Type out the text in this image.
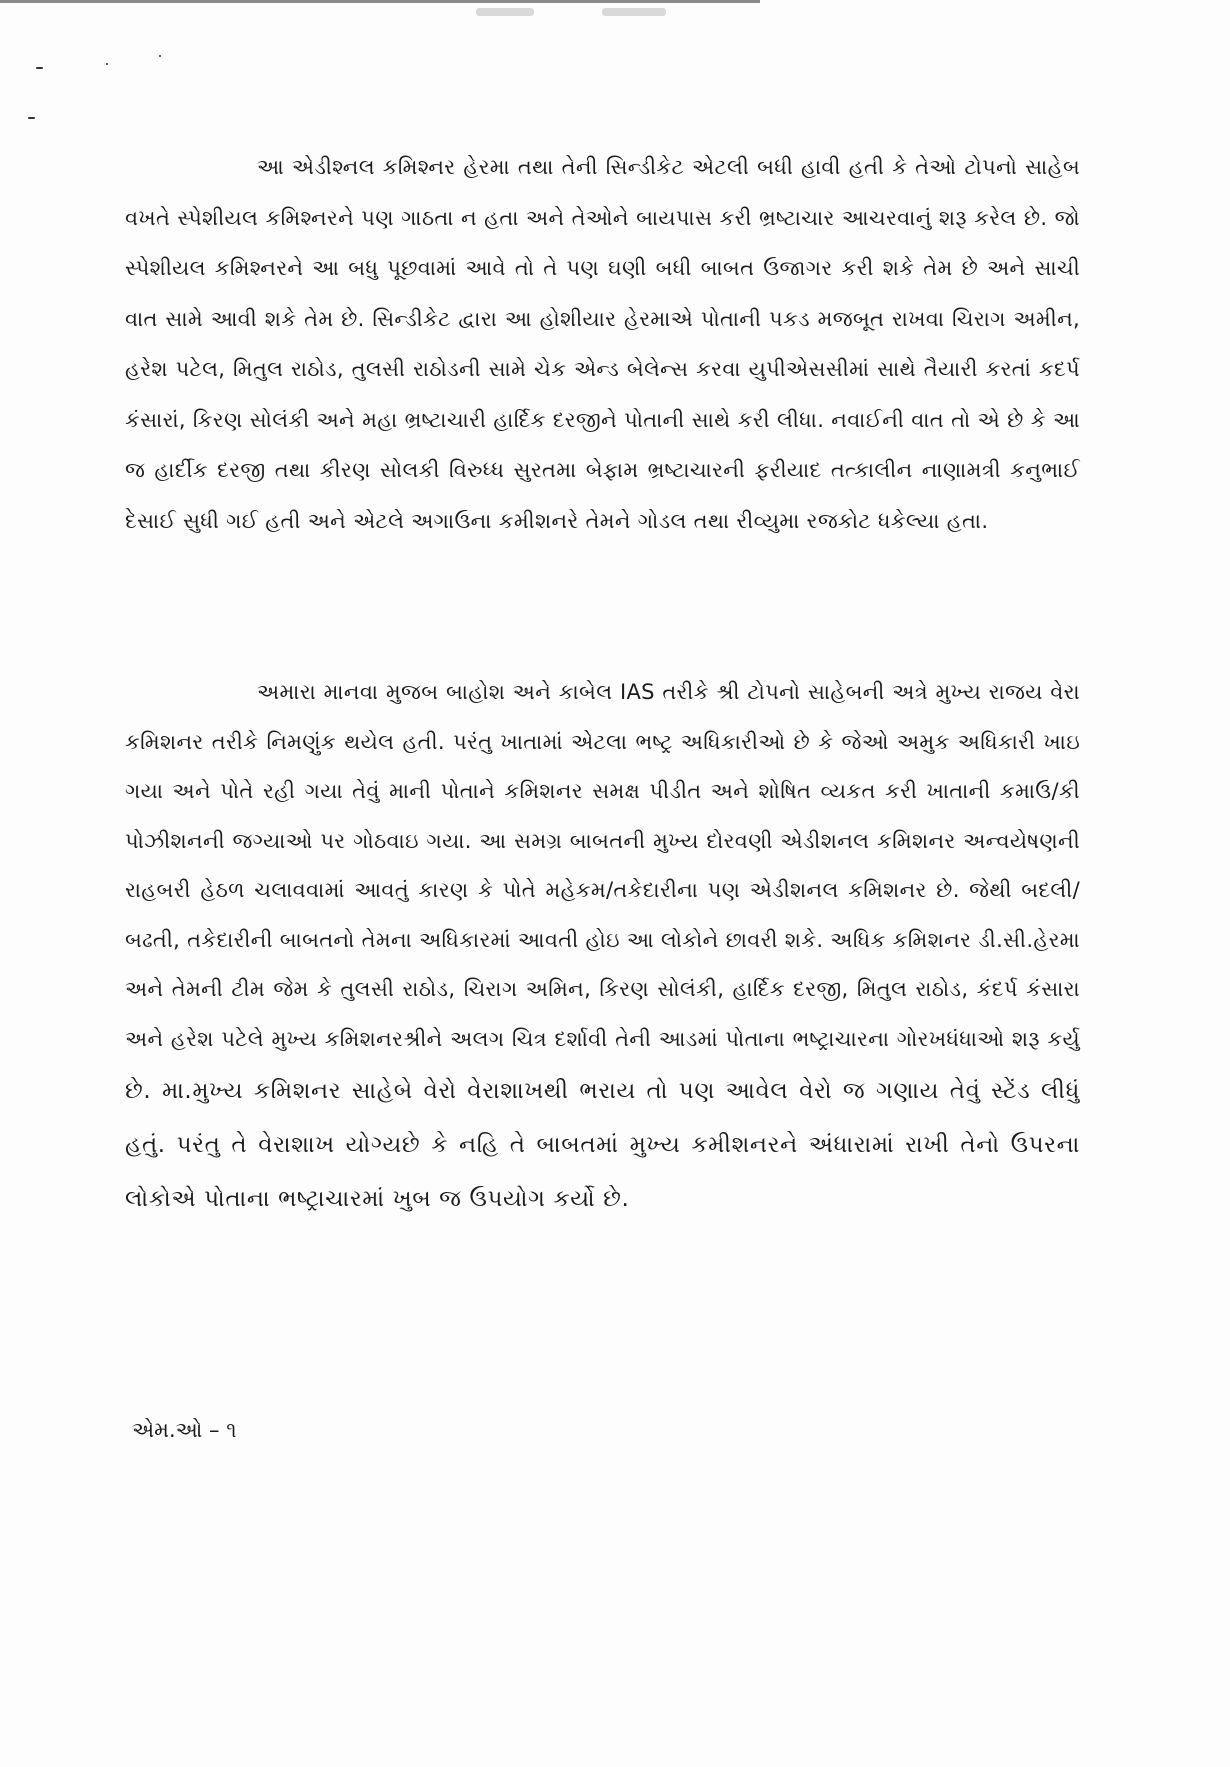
આ એડીશ્નલ કમિશ્નર હેરમા તથા તેની સિન્ડીકેટ એટલી બધી હાવી હતી કે તેઓ ટોપનો સાહેબ વખતે સ્પેશીયલ કમિશ્નરને પણ ગાઠતા ન હતા અને તેઓને બાયપાસ કરી ભ્રષ્ટાચાર આચરવાનું શરૂ કરેલ છે. જો સ્પેશીયલ કમિશ્નરને આ બધુ પૂછવામાં આવે તો તે પણ ઘણી બધી બાબત ઉજાગર કરી શકે તેમ છે અને સાચી વાત સામે આવી શકે તેમ છે. સિન્ડીકેટ દ્વારા આ હોશીયાર હેરમાએ પોતાની પકડ મજબૂત રાખવા ચિરાગ અમીન, હરેશ પટેલ, મિતુલ રાઠોડ, તુલસી રાઠોડની સામે ચેક એન્ડ બેલેન્સ કરવા યુપીએસસીમાં સાથે તૈયારી કરતાં કદર્પ કંસારાં, કિરણ સોલંકી અને મહા ભ્રષ્ટાચારી હાર્દિક દરજીને પોતાની સાથે કરી લીધા. નવાઈની વાત તો એ છે કે આ જ હાર્દીક દરજી તથા કીરણ સોલકી વિરુધ્ધ સુરતમા બેફામ ભ્રષ્ટાચારની ફરીયાદ તત્કાલીન નાણામત્રી કનુભાઈ દેસાઈ સુધી ગઈ હતી અને એટલે અગાઉના કમીશનરે તેમને ગોડલ તથા રીવ્યુમા રજકોટ ધકેલ્યા હતા.

અમારા માનવા મુજબ બાહોશ અને કાબેલ IAS તરીકે શ્રી ટોપનો સાહેબની અત્રે મુખ્ય રાજય વેરા કમિશનર તરીકે નિમણુંક થયેલ હતી. પરંતુ ખાતામાં એટલા ભષ્ટ્ર અધિકારીઓ છે કે જેઓ અમુક અધિકારી ખાઇ ગયા અને પોતે રહી ગયા તેવું માની પોતાને કમિશનર સમક્ષ પીડીત અને શોષિત વ્યકત કરી ખાતાની કમાઉ/કી પોઝીશનની જગ્યાઓ પર ગોઠવાઇ ગયા. આ સમગ્ર બાબતની મુખ્ય દોરવણી એડીશનલ કમિશનર અન્વયેષણની રાહબરી હેઠળ ચલાવવામાં આવતું કારણ કે પોતે મહેકમ/તકેદારીના પણ એડીશનલ કમિશનર છે. જેથી બદલી/બઢતી, તકેદારીની બાબતનો તેમના અધિકારમાં આવતી હોઇ આ લોકોને છાવરી શકે. અધિક કમિશનર ડી.સી.હેરમા અને તેમની ટીમ જેમ કે તુલસી રાઠોડ, ચિરાગ અમિન, કિરણ સોલંકી, હાર્દિક દરજી, મિતુલ રાઠોડ, કંદર્પ કંસારા અને હરેશ પટેલે મુખ્ય કમિશનરશ્રીને અલગ ચિત્ર દર્શાવી તેની આડમાં પોતાના ભષ્ટ્રાચારના ગોરખધંધાઓ શરૂ કર્યુ છે. મા.મુખ્ય કમિશનર સાહેબે વેરો વેરાશાખથી ભરાય તો પણ આવેલ વેરો જ ગણાય તેવું સ્ટેંડ લીધું હતું. પરંતુ તે વેરાશાખ યોગ્યછે કે નહિ તે બાબતમાં મુખ્ય કમીશનરને અંધારામાં રાખી તેનો ઉપરના લોકોએ પોતાના ભષ્ટ્રાચારમાં ખુબ જ ઉપયોગ કર્યો છે.

એમ.ઓ – ૧
